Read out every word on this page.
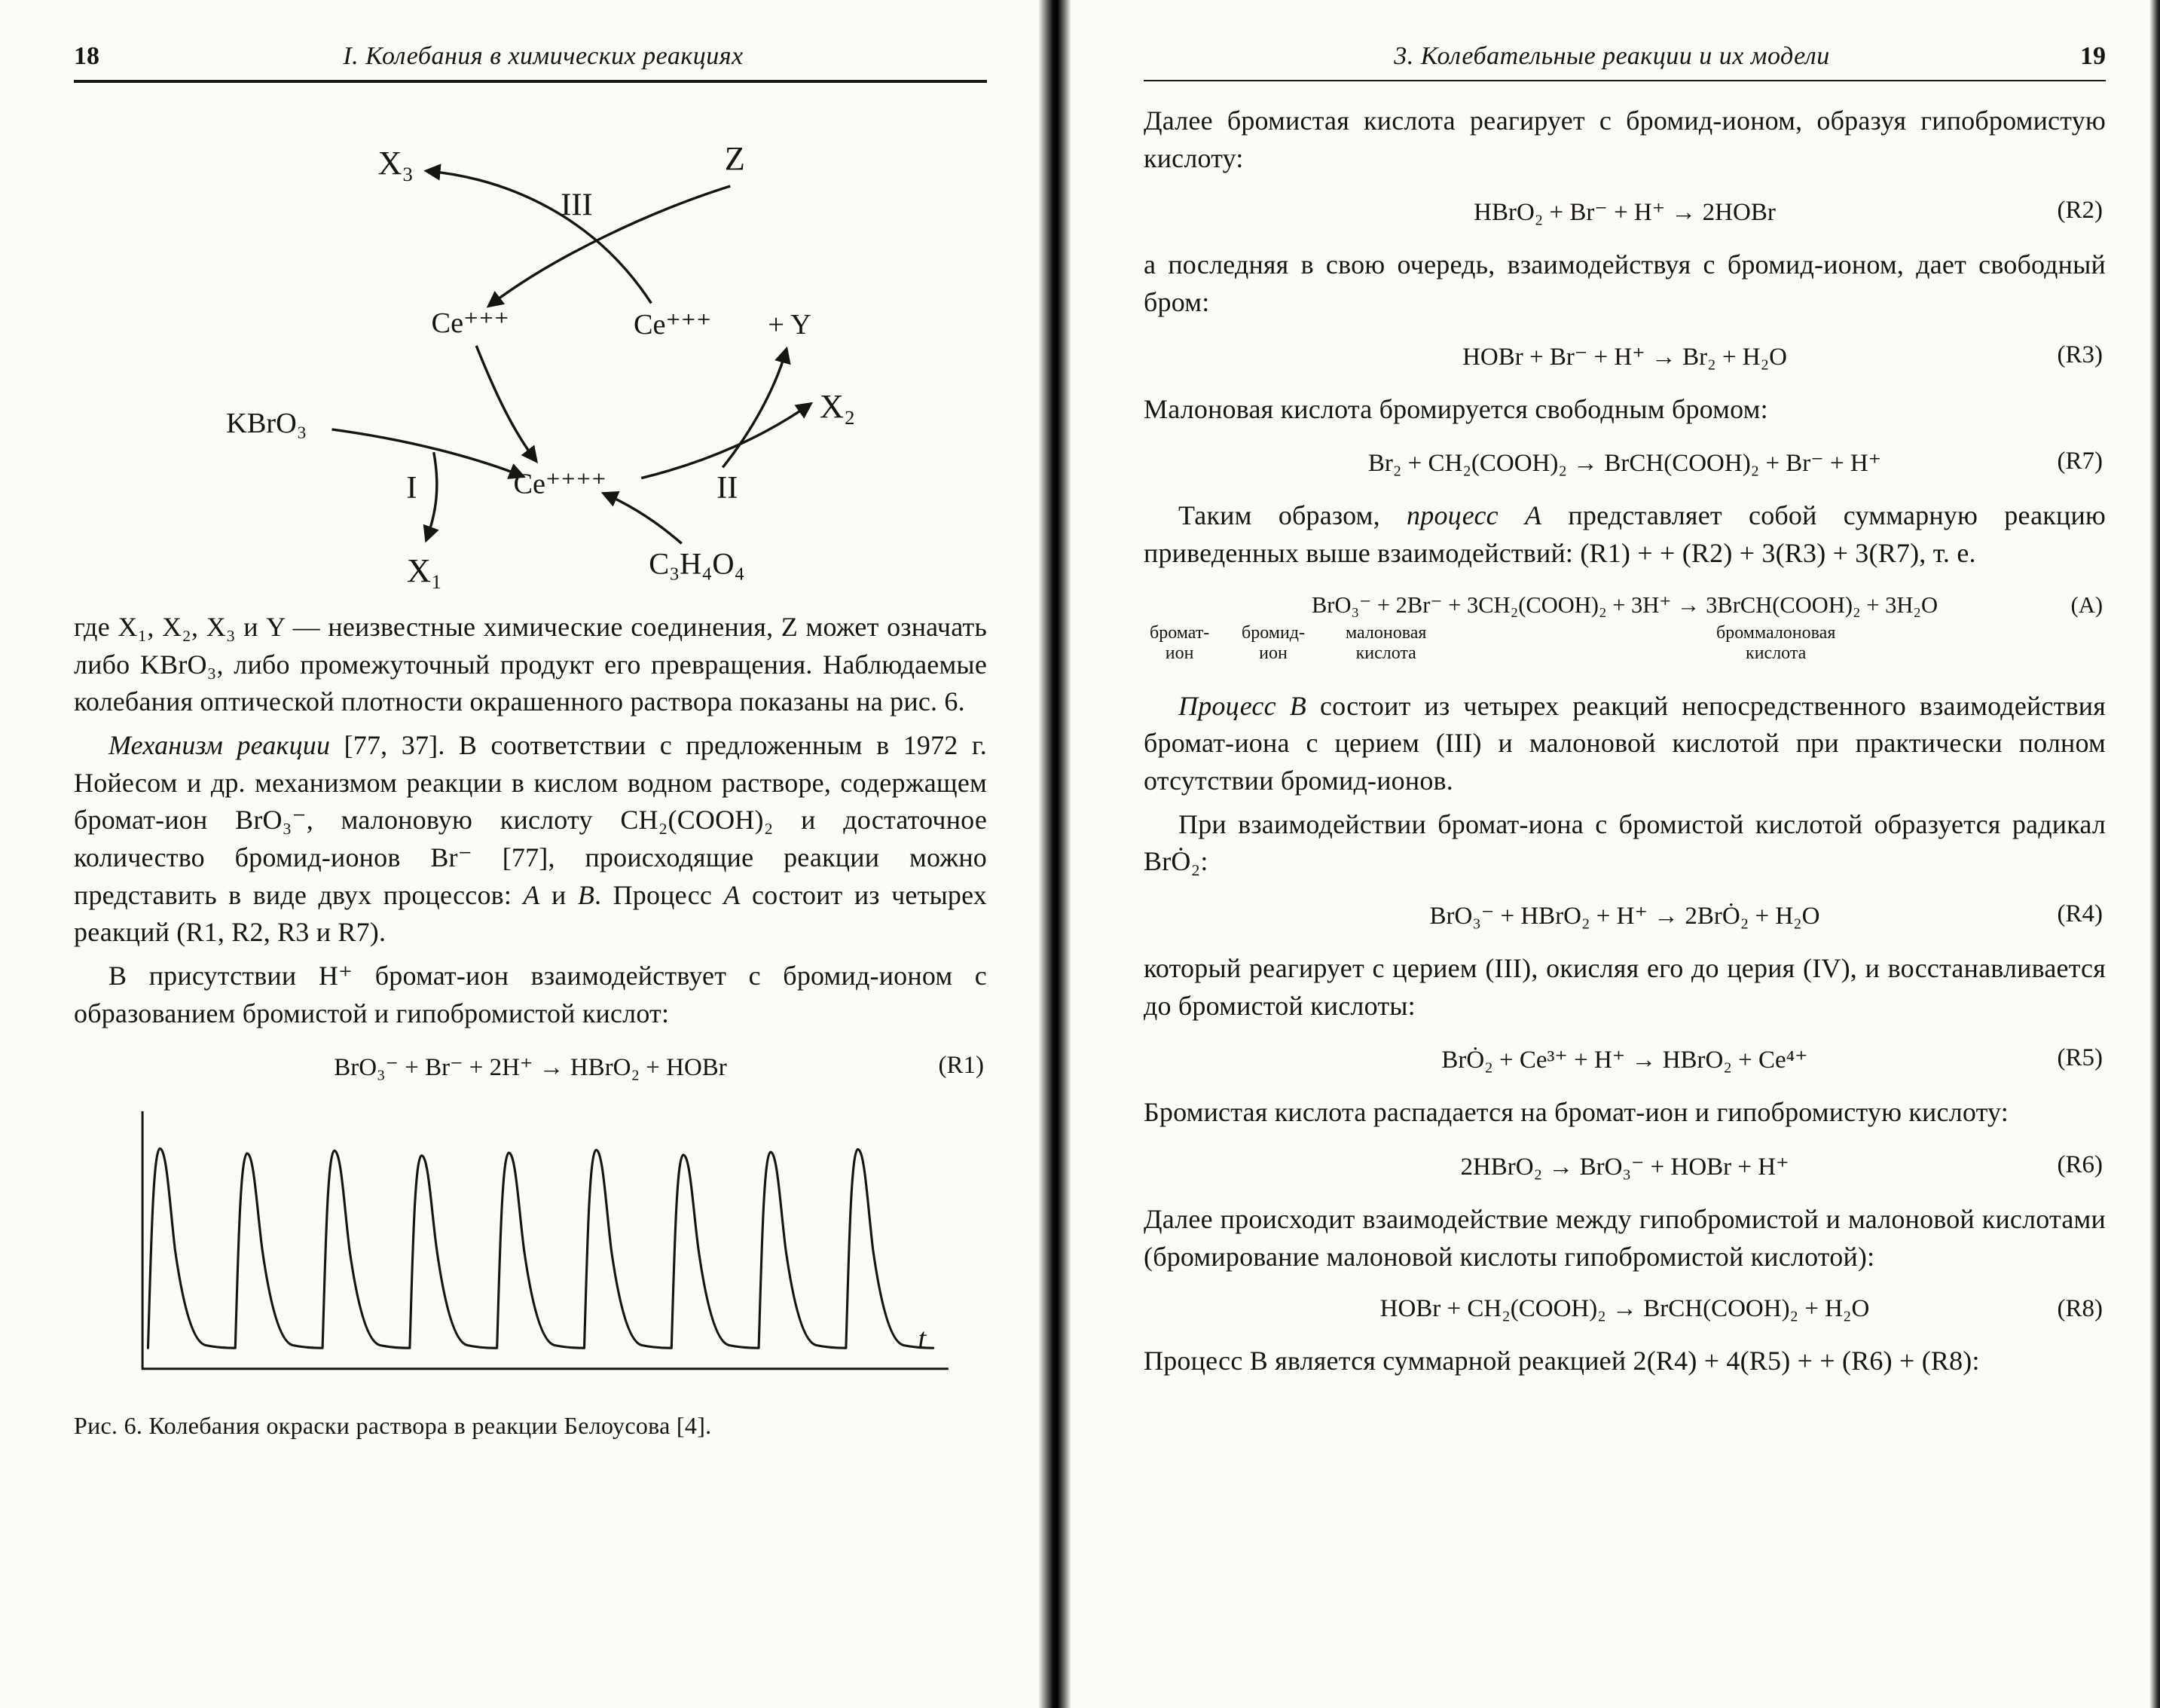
18	I. Колебания в химических реакциях
X₃	Z
III
Ce⁺⁺⁺	Ce⁺⁺⁺ + Y
KBrO₃
I	Ce⁺⁺⁺⁺	II
X₂
X₁	C₃H₄O₄

где X₁, X₂, X₃ и Y — неизвестные химические соединения, Z может означать либо KBrO₃, либо промежуточный продукт его превращения. Наблюдаемые колебания оптической плотности окрашенного раствора показаны на рис. 6.

Механизм реакции [77, 37]. В соответствии с предложенным в 1972 г. Нойесом и др. механизмом реакции в кислом водном растворе, содержащем бромат-ион BrO₃⁻, малоновую кислоту CH₂(COOH)₂ и достаточное количество бромид-ионов Br⁻ [77], происходящие реакции можно представить в виде двух процессов: А и В. Процесс А состоит из четырех реакций (R1, R2, R3 и R7).

В присутствии H⁺ бромат-ион взаимодействует с бромид-ионом с образованием бромистой и гипобромистой кислот:

BrO₃⁻ + Br⁻ + 2H⁺ → HBrO₂ + HOBr	(R1)
t
Рис. 6. Колебания окраски раствора в реакции Белоусова [4].
3. Колебательные реакции и их модели	19

Далее бромистая кислота реагирует с бромид-ионом, образуя гипобромистую кислоту:

HBrO₂ + Br⁻ + H⁺ → 2HOBr	(R2)

а последняя в свою очередь, взаимодействуя с бромид-ионом, дает свободный бром:

HOBr + Br⁻ + H⁺ → Br₂ + H₂O	(R3)

Малоновая кислота бромируется свободным бромом:

Br₂ + CH₂(COOH)₂ → BrCH(COOH)₂ + Br⁻ + H⁺	(R7)

Таким образом, процесс А представляет собой суммарную реакцию приведенных выше взаимодействий: (R1) + + (R2) + 3(R3) + 3(R7), т. е.

BrO₃⁻ + 2Br⁻ + 3CH₂(COOH)₂ + 3H⁺ → 3BrCH(COOH)₂ + 3H₂O	(A)
бромат-
ион
бромид-
ион
малоновая
кислота
броммалоновая
кислота

Процесс В состоит из четырех реакций непосредственного взаимодействия бромат-иона с церием (III) и малоновой кислотой при практически полном отсутствии бромид-ионов.

При взаимодействии бромат-иона с бромистой кислотой образуется радикал BrȮ₂:

BrO₃⁻ + HBrO₂ + H⁺ → 2BrȮ₂ + H₂O	(R4)

который реагирует с церием (III), окисляя его до церия (IV), и восстанавливается до бромистой кислоты:

BrȮ₂ + Ce³⁺ + H⁺ → HBrO₂ + Ce⁴⁺	(R5)

Бромистая кислота распадается на бромат-ион и гипобромистую кислоту:

2HBrO₂ → BrO₃⁻ + HOBr + H⁺	(R6)

Далее происходит взаимодействие между гипобромистой и малоновой кислотами (бромирование малоновой кислоты гипобромистой кислотой):

HOBr + CH₂(COOH)₂ → BrCH(COOH)₂ + H₂O	(R8)

Процесс В является суммарной реакцией 2(R4) + 4(R5) + + (R6) + (R8):
